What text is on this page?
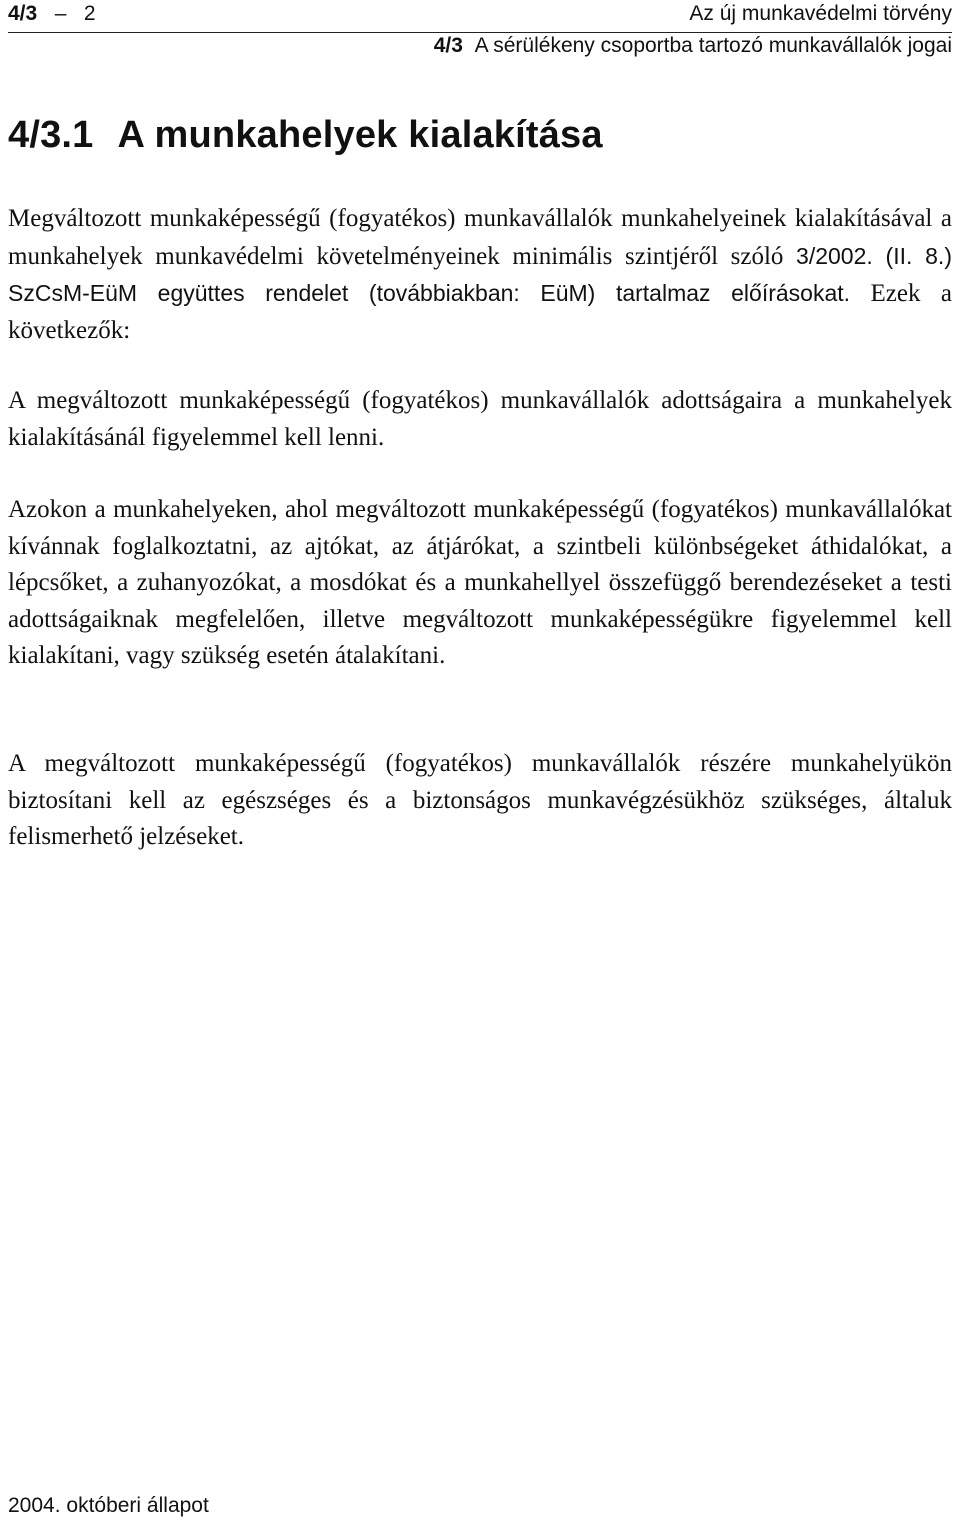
4/3 – 2	Az új munkavédelmi törvény
4/3 A sérülékeny csoportba tartozó munkavállalók jogai
4/3.1 A munkahelyek kialakítása

Megváltozott munkaképességű (fogyatékos) munkavállalók munkahelyeinek kialakításával a munkahelyek munkavédelmi követelményeinek minimális szintjéről szóló 3/2002. (II. 8.) SzCsM-EüM együttes rendelet (továbbiakban: EüM) tartalmaz előírásokat. Ezek a következők:

A megváltozott munkaképességű (fogyatékos) munkavállalók adottságaira a munkahelyek kialakításánál figyelemmel kell lenni.

Azokon a munkahelyeken, ahol megváltozott munkaképességű (fogyatékos) munkavállalókat kívánnak foglalkoztatni, az ajtókat, az átjárókat, a szintbeli különbségeket áthidalókat, a lépcsőket, a zuhanyozókat, a mosdókat és a munkahellyel összefüggő berendezéseket a testi adottságaiknak megfelelően, illetve megváltozott munkaképességükre figyelemmel kell kialakítani, vagy szükség esetén átalakítani.

A megváltozott munkaképességű (fogyatékos) munkavállalók részére munkahelyükön biztosítani kell az egészséges és a biztonságos munkavégzésükhöz szükséges, általuk felismerhető jelzéseket.

2004. októberi állapot
